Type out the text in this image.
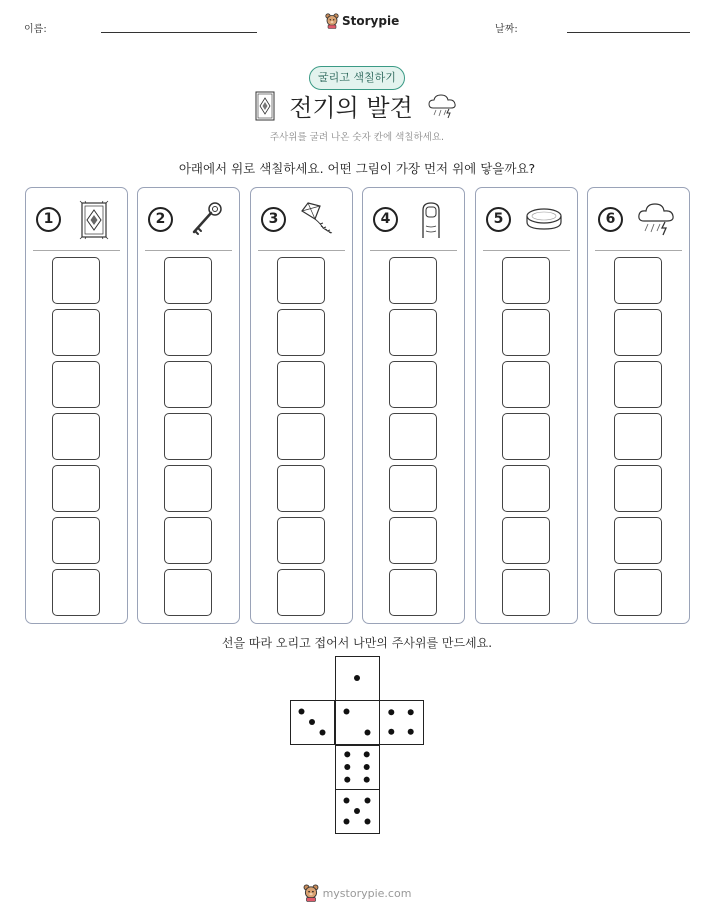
이름:
Storypie
날짜:
굴리고 색칠하기
전기의 발견
주사위를 굴려 나온 숫자 칸에 색칠하세요.
아래에서 위로 색칠하세요. 어떤 그림이 가장 먼저 위에 닿을까요?
1	2	3	4	5	6
선을 따라 오리고 접어서 나만의 주사위를 만드세요.
mystorypie.com
